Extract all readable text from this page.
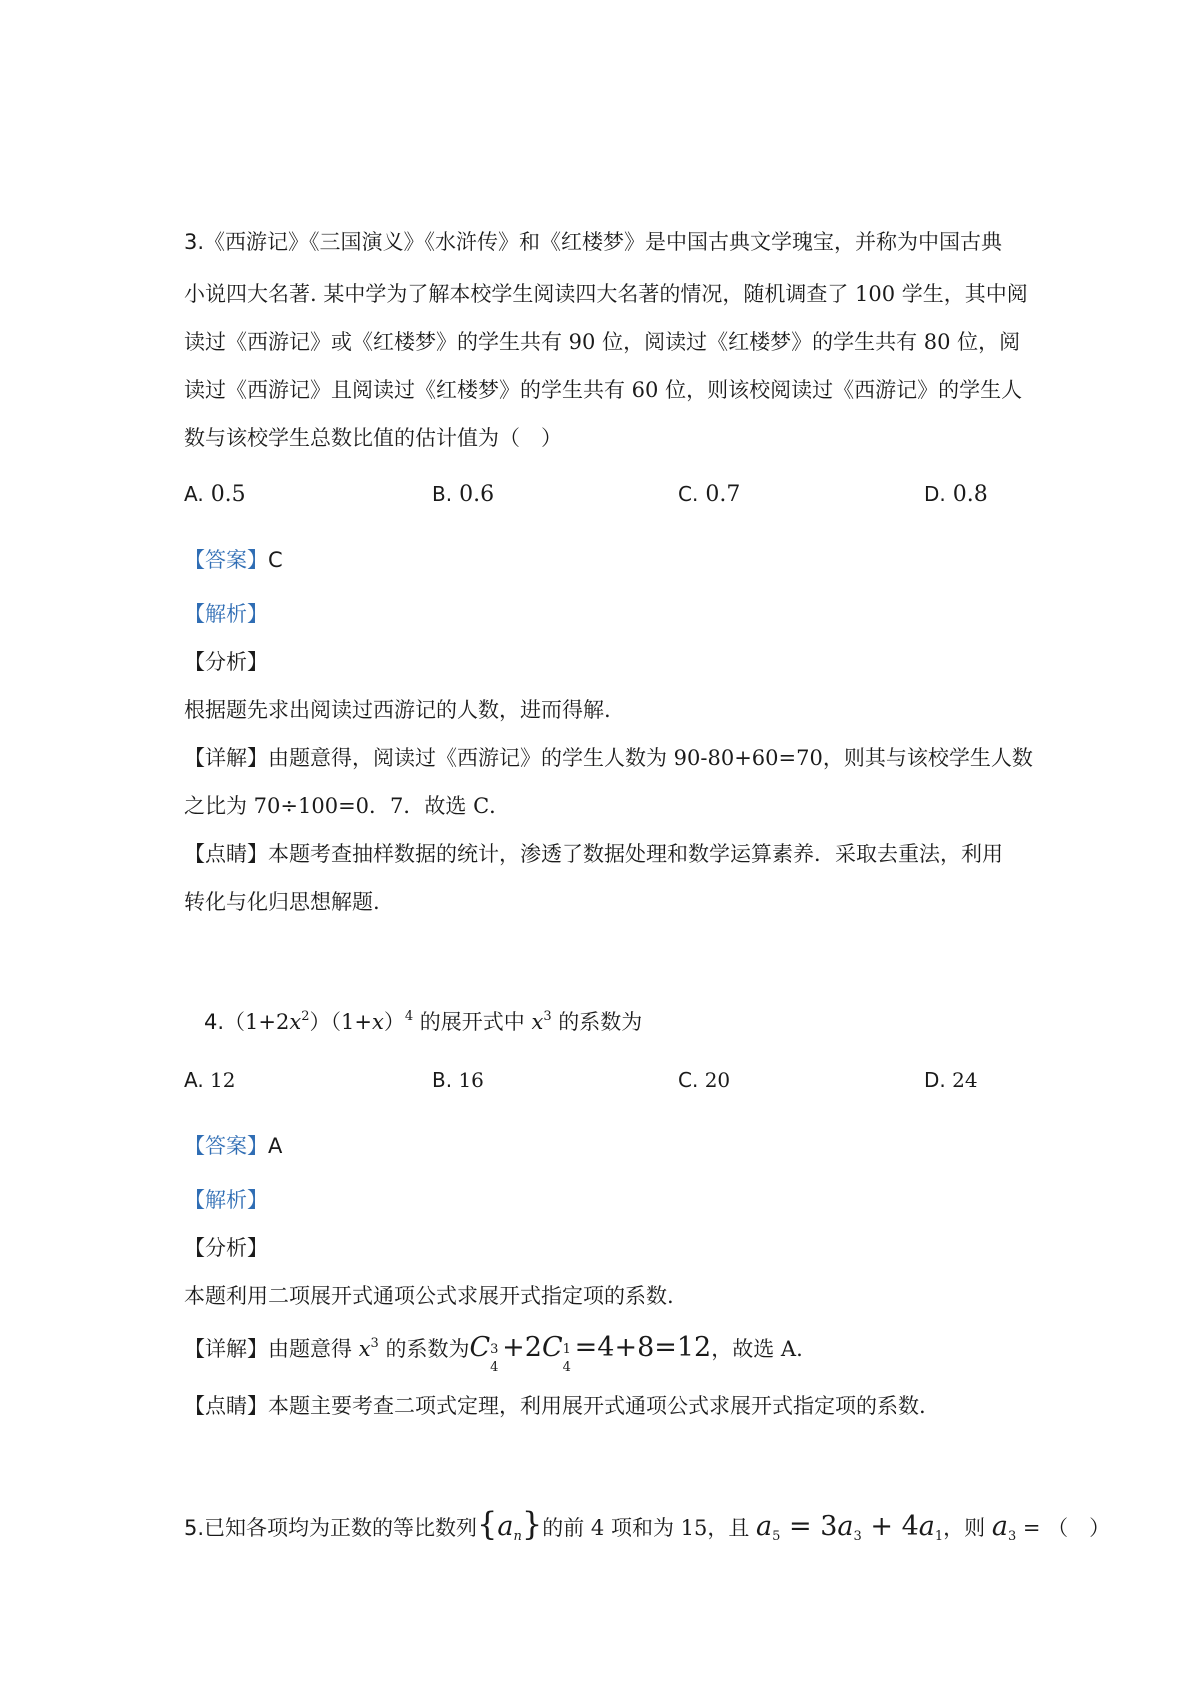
3.《西游记》《三国演义》《水浒传》和《红楼梦》是中国古典文学瑰宝，并称为中国古典
小说四大名著. 某中学为了解本校学生阅读四大名著的情况，随机调查了 100 学生，其中阅
读过《西游记》或《红楼梦》的学生共有 90 位，阅读过《红楼梦》的学生共有 80 位，阅
读过《西游记》且阅读过《红楼梦》的学生共有 60 位，则该校阅读过《西游记》的学生人
数与该校学生总数比值的估计值为（　）
A. 0.5	B. 0.6	C. 0.7	D. 0.8
【答案】C
【解析】
【分析】
根据题先求出阅读过西游记的人数，进而得解.
【详解】由题意得，阅读过《西游记》的学生人数为 90-80+60=70，则其与该校学生人数
之比为 70÷100=0．7．故选 C．
【点睛】本题考查抽样数据的统计，渗透了数据处理和数学运算素养．采取去重法，利用
转化与化归思想解题.
$4.(1+2x^2)(1+x)^4$ 的展开式中 $x^3$ 的系数为
A. 12	B. 16	C. 20	D. 24
【答案】A
【解析】
【分析】
本题利用二项展开式通项公式求展开式指定项的系数.
【详解】由题意得 $x^3$ 的系数为C 3
4
+2C 1
4
=4+8=12，故选 A.
【点睛】本题主要考查二项式定理，利用展开式通项公式求展开式指定项的系数.
5.已知各项均为正数的等比数列$\{a_n\}$的前 4 项和为 15，且 $a_5 = 3a_3 + 4a_1$，则 $a_3$ = （　）
